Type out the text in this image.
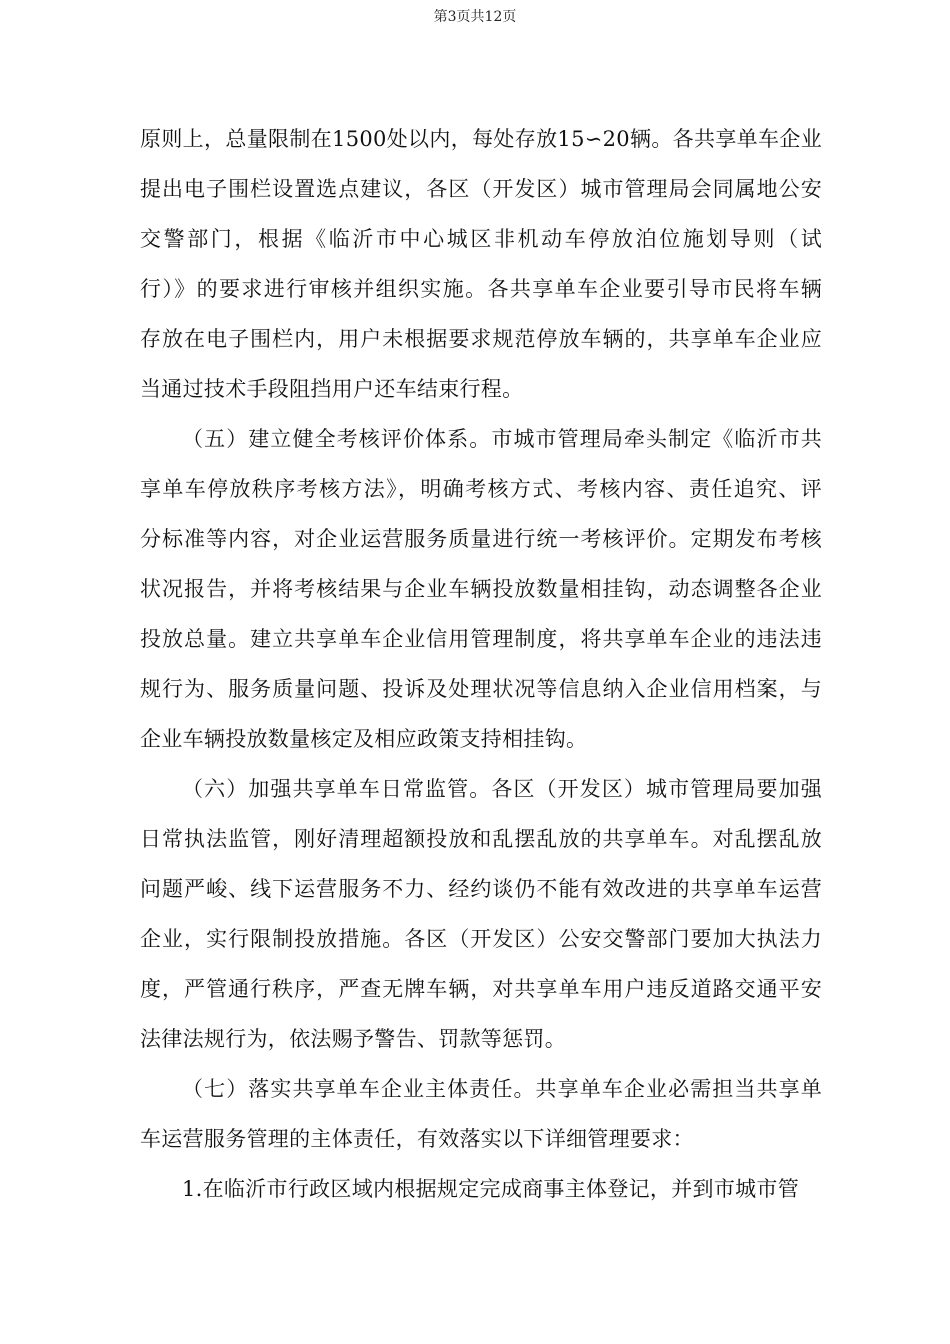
第3页共12页
原则上，总量限制在1500处以内，每处存放15∽20辆。各共享单车企业
提出电子围栏设置选点建议，各区（开发区）城市管理局会同属地公安
交警部门，根据《临沂市中心城区非机动车停放泊位施划导则（试
行）》的要求进行审核并组织实施。各共享单车企业要引导市民将车辆
存放在电子围栏内，用户未根据要求规范停放车辆的，共享单车企业应
当通过技术手段阻挡用户还车结束行程。
（五）建立健全考核评价体系。市城市管理局牵头制定《临沂市共
享单车停放秩序考核方法》，明确考核方式、考核内容、责任追究、评
分标准等内容，对企业运营服务质量进行统一考核评价。定期发布考核
状况报告，并将考核结果与企业车辆投放数量相挂钩，动态调整各企业
投放总量。建立共享单车企业信用管理制度，将共享单车企业的违法违
规行为、服务质量问题、投诉及处理状况等信息纳入企业信用档案，与
企业车辆投放数量核定及相应政策支持相挂钩。
（六）加强共享单车日常监管。各区（开发区）城市管理局要加强
日常执法监管，刚好清理超额投放和乱摆乱放的共享单车。对乱摆乱放
问题严峻、线下运营服务不力、经约谈仍不能有效改进的共享单车运营
企业，实行限制投放措施。各区（开发区）公安交警部门要加大执法力
度，严管通行秩序，严查无牌车辆，对共享单车用户违反道路交通平安
法律法规行为，依法赐予警告、罚款等惩罚。
（七）落实共享单车企业主体责任。共享单车企业必需担当共享单
车运营服务管理的主体责任，有效落实以下详细管理要求：
1.在临沂市行政区域内根据规定完成商事主体登记，并到市城市管
